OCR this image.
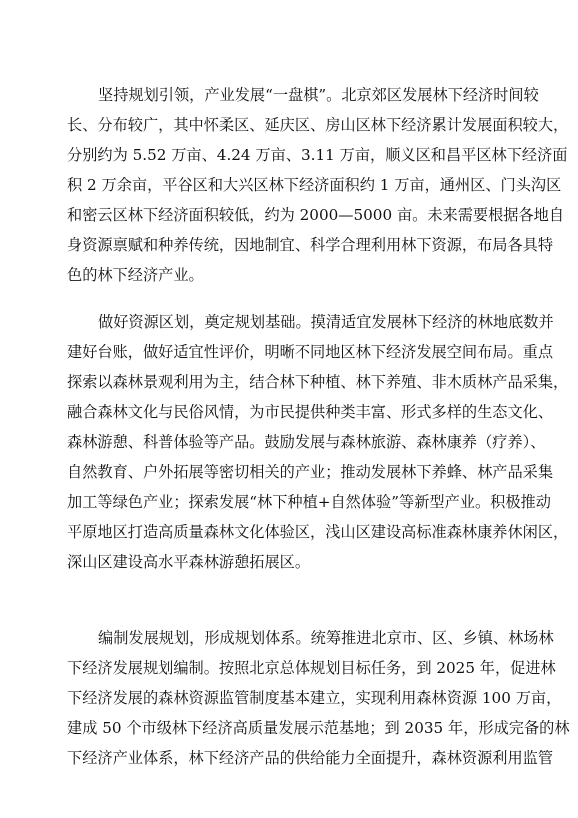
坚持规划引领，产业发展“一盘棋”。北京郊区发展林下经济时间较
长、分布较广，其中怀柔区、延庆区、房山区林下经济累计发展面积较大，
分别约为 5.52 万亩、4.24 万亩、3.11 万亩，顺义区和昌平区林下经济面
积 2 万余亩，平谷区和大兴区林下经济面积约 1 万亩，通州区、门头沟区
和密云区林下经济面积较低，约为 2000—5000 亩。未来需要根据各地自
身资源禀赋和种养传统，因地制宜、科学合理利用林下资源，布局各具特
色的林下经济产业。
做好资源区划，奠定规划基础。摸清适宜发展林下经济的林地底数并
建好台账，做好适宜性评价，明晰不同地区林下经济发展空间布局。重点
探索以森林景观利用为主，结合林下种植、林下养殖、非木质林产品采集，
融合森林文化与民俗风情，为市民提供种类丰富、形式多样的生态文化、
森林游憩、科普体验等产品。鼓励发展与森林旅游、森林康养（疗养）、
自然教育、户外拓展等密切相关的产业；推动发展林下养蜂、林产品采集
加工等绿色产业；探索发展“林下种植+自然体验”等新型产业。积极推动
平原地区打造高质量森林文化体验区，浅山区建设高标准森林康养休闲区，
深山区建设高水平森林游憩拓展区。
编制发展规划，形成规划体系。统筹推进北京市、区、乡镇、林场林
下经济发展规划编制。按照北京总体规划目标任务，到 2025 年，促进林
下经济发展的森林资源监管制度基本建立，实现利用森林资源 100 万亩，
建成 50 个市级林下经济高质量发展示范基地；到 2035 年，形成完备的林
下经济产业体系，林下经济产品的供给能力全面提升，森林资源利用监管
